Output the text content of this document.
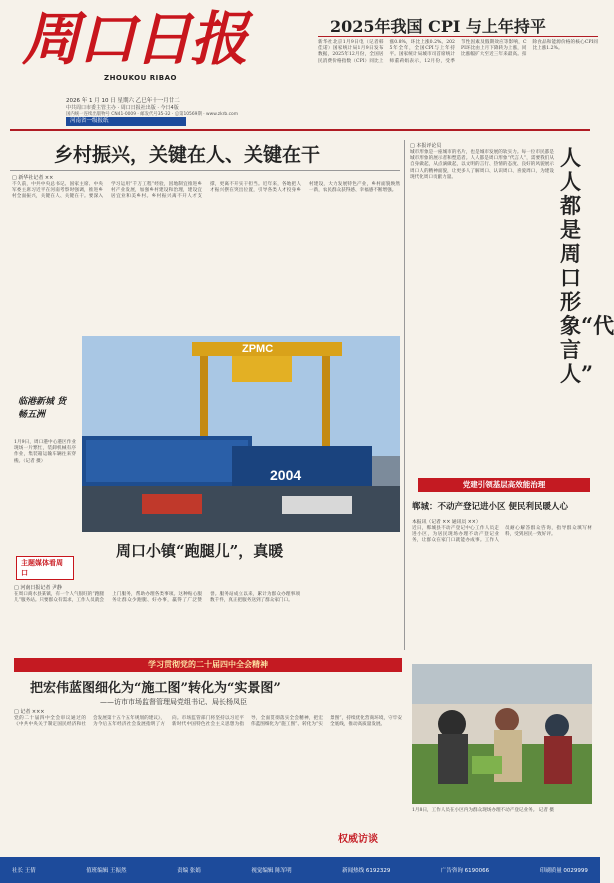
周口日报
ZHOUKOU RIBAO
2026 年 1 月 10 日 星期六 乙巳年十一月廿二
中共周口市委主管主办 · 周口日报社出版 · 今日4版
国内统一连续出版物号 CN41-0009 · 邮发代号35-32 · 总第10569期 · www.zkrb.com
河南省一级报纸
2025年我国 CPI 与上年持平
新华社北京1月9日电（记者韩佳诺）国家统计局1月9日发布数据，2025年12月份，全国居民消费价格指数（CPI）同比上涨0.8%，环比上涨0.2%。2025年全年，全国CPI与上年持平。国家统计局城市司首席统计师董莉娟表示，12月份，受季节性因素及假期效应等影响，CPI环比由上月下降转为上涨，同比涨幅扩大至近三年来最高。扣除食品和能源价格的核心CPI同比上涨1.2%。
乡村振兴，关键在人、关键在干
□ 新华社记者 ××
不久前，中共中央总书记、国家主席、中央军委主席习近平在河南考察时强调，推进乡村全面振兴，关键在人、关键在干。要深入学习运用“千万工程”经验，因地制宜推进乡村产业发展，加强乡村建设和治理，建设宜居宜业和美乡村。乡村振兴离不开人才支撑，更离不开实干担当。近年来，各地把人才振兴摆在突出位置，引导各类人才投身乡村建设，大力发展特色产业，乡村面貌焕然一新，农民群众获得感、幸福感不断增强。
ZPMC
2004
临港新城 货畅五洲
1月9日，周口港中心港区作业现场一片繁忙，装卸机械有序作业，集装箱运输车辆往来穿梭。（记者 摄）
周口小镇“跑腿儿”，真暖
主题媒体看周口
□ 河南日报记者 尹静
在周口商水县某镇，有一个人气很旺的“跑腿儿”服务站。只要群众有需求，工作人员就会上门服务，帮助办理各类事项。这种贴心服务让群众少跑腿、好办事，赢得了广泛赞誉。服务站成立以来，累计为群众办理事项数千件，真正把服务送到了群众家门口。
□ 本报评论员
城市形象是一座城市的名片，也是城市发展的软实力。每一位市民都是城市形象的展示者和塑造者。人人都是周口形象“代言人”，需要我们从自身做起，从点滴做起，以文明的言行、热情的态度、良好的风貌展示周口人的精神面貌，让更多人了解周口、认识周口、喜爱周口，为建设现代化周口贡献力量。
人人都是周口形象“代言人”
党建引领基层高效能治理
郸城：不动产登记进小区 便民利民暖人心
本报讯（记者 ×× 通讯员 ××）
近日，郸城县不动产登记中心工作人员走进小区，为居民现场办理不动产登记业务，让群众在家门口就能办成事。工作人员耐心解答群众咨询，指导群众填写材料，受到居民一致好评。
1月8日，工作人员在小区内为群众现场办理不动产登记业务。 记者 摄
学习贯彻党的二十届四中全会精神
把宏伟蓝图细化为“施工图”转化为“实景图”
——访市市场监督管理局党组书记、局长杨凤臣
□ 记者 ×××
党的二十届四中全会审议通过的《中共中央关于制定国民经济和社会发展第十五个五年规划的建议》，为今后五年经济社会发展指明了方向。市场监管部门将坚持以习近平新时代中国特色社会主义思想为指导，全面贯彻落实全会精神，把宏伟蓝图细化为“施工图”、转化为“实景图”，持续优化营商环境，守牢安全底线，推动高质量发展。
权威访谈
社长 王倩	值班编辑 王振然	责编 张娟	视觉编辑 陈军明	新闻热线 6192329	广告咨询 6190066	印刷质量 0029999
